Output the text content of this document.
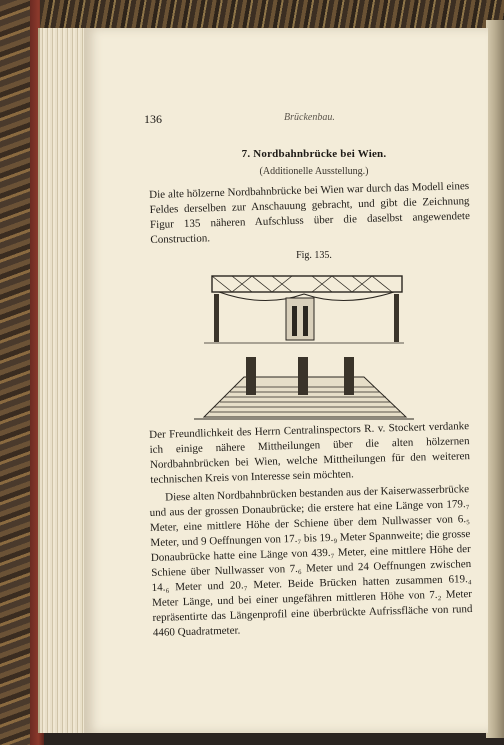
136	Brückenbau.
7. Nordbahnbrücke bei Wien.
(Additionelle Ausstellung.)
Die alte hölzerne Nordbahnbrücke bei Wien war durch das Modell eines Feldes derselben zur Anschauung gebracht, und gibt die Zeichnung Figur 135 näheren Aufschluss über die daselbst angewendete Construction.
Fig. 135.
Der Freundlichkeit des Herrn Centralinspectors R. v. Stockert verdanke ich einige nähere Mittheilungen über die alten hölzernen Nordbahnbrücken bei Wien, welche Mittheilungen für den weiteren technischen Kreis von Interesse sein möchten.
Diese alten Nordbahnbrücken bestanden aus der Kaiserwasserbrücke und aus der grossen Donaubrücke; die erstere hat eine Länge von 179.₇ Meter, eine mittlere Höhe der Schiene über dem Nullwasser von 6.₅ Meter, und 9 Oeffnungen von 17.₇ bis 19.₉ Meter Spannweite; die grosse Donaubrücke hatte eine Länge von 439.₇ Meter, eine mittlere Höhe der Schiene über Nullwasser von 7.₆ Meter und 24 Oeffnungen zwischen 14.₆ Meter und 20.₇ Meter. Beide Brücken hatten zusammen 619.₄ Meter Länge, und bei einer ungefähren mittleren Höhe von 7.₂ Meter repräsentirte das Längenprofil eine überbrückte Aufrissfläche von rund 4460 Quadratmeter.
